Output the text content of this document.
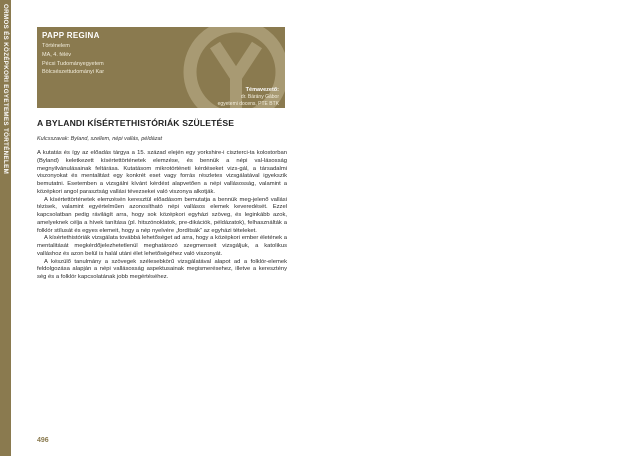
ORMOS ÉS KÖZÉPKORI EGYETEMES TÖRTÉNELEM	PAPP REGINA
Történelem
MA, 4. félév
Pécsi Tudományegyetem
Bölcsészettudományi Kar
Témavezető:
dr. Bárány Gábor
egyetemi docens, PTE BTK
A BYLANDI KÍSÉRTETHISTÓRIÁK SZÜLETÉSE
Kulcsszavak: Byland, szellem, népi vallás, példázat

A kutatás és így az előadás tárgya a 15. század elején egy yorkshire-i ciszterci-ta kolostorban (Byland) keletkezett kísértettörténetek elemzése, és bennük a népi val-lásosság megnyilvánulásainak feltárása. Kutatásom mikrotörténeti kérdéseket vizs-gál, a társadalmi viszonyokat és mentalitást egy konkrét eset vagy forrás részletes vizsgálatával igyekszik bemutatni. Esetemben a vizsgálni kívánt kérdést alapvetően a népi vallásosság, valamint a középkori angol parasztság vallási tévezsekei való viszonya alkotják.

A kísértettörténetek elemzésén keresztül előadásom bemutatja a bennük meg-jelenő vallási tézisek, valamint egyértelműen azonosítható népi vallásos elemek keveredését. Ezzel kapcsolatban pedig rávilágít arra, hogy sok középkori egyházi szöveg, és leginkább azok, amelyeknek célja a hívek tanítása (pl. hitszónoklatok, pre-dikációk, példázatok), felhasználták a folklór stílusát és egyes elemeit, hogy a nép nyelvére „fordítsák” az egyházi tételeket.

A kísértethistóriák vizsgálata továbbá lehetőséget ad arra, hogy a középkori ember életének a mentalitását megkérdőjelezhetetlenül meghatározó szegmenseit vizsgáljuk, a katolikus valláshoz és azon belül is halál utáni élet lehetőségéhez való viszonyát.

A készülő tanulmány a szövegek szélesebkörű vizsgálatával alapot ad a folklór-elemek feldolgozása alapján a népi vallásosság aspektusainak megismerésehez, illetve a keresztény ség és a folklór kapcsolatának jobb megértéséhez.

496
